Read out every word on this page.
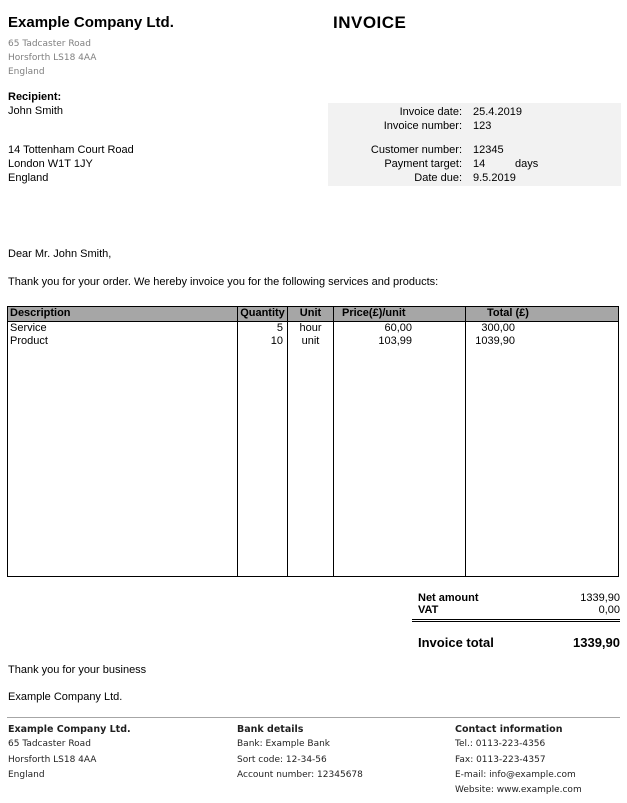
Example Company Ltd.
65 Tadcaster Road
Horsforth LS18 4AA
England
INVOICE
Recipient:
John Smith
14 Tottenham Court Road
London W1T 1JY
England
Invoice date: 25.4.2019
Invoice number: 123
Customer number: 12345
Payment target: 14	days
Date due: 9.5.2019
Dear Mr. John Smith,
Thank you for your order. We hereby invoice you for the following services and products:
Description	Quantity	Unit	Price(£)/unit	Total (£)
Service	5	hour	60,00	300,00
Product	10	unit	103,99	1039,90
Net amount	1339,90
VAT	0,00
Invoice total	1339,90
Thank you for your business
Example Company Ltd.
Example Company Ltd.
65 Tadcaster Road
Horsforth LS18 4AA
England
Bank details
Bank: Example Bank
Sort code: 12-34-56
Account number: 12345678
Contact information
Tel.: 0113-223-4356
Fax: 0113-223-4357
E-mail: info@example.com
Website: www.example.com
